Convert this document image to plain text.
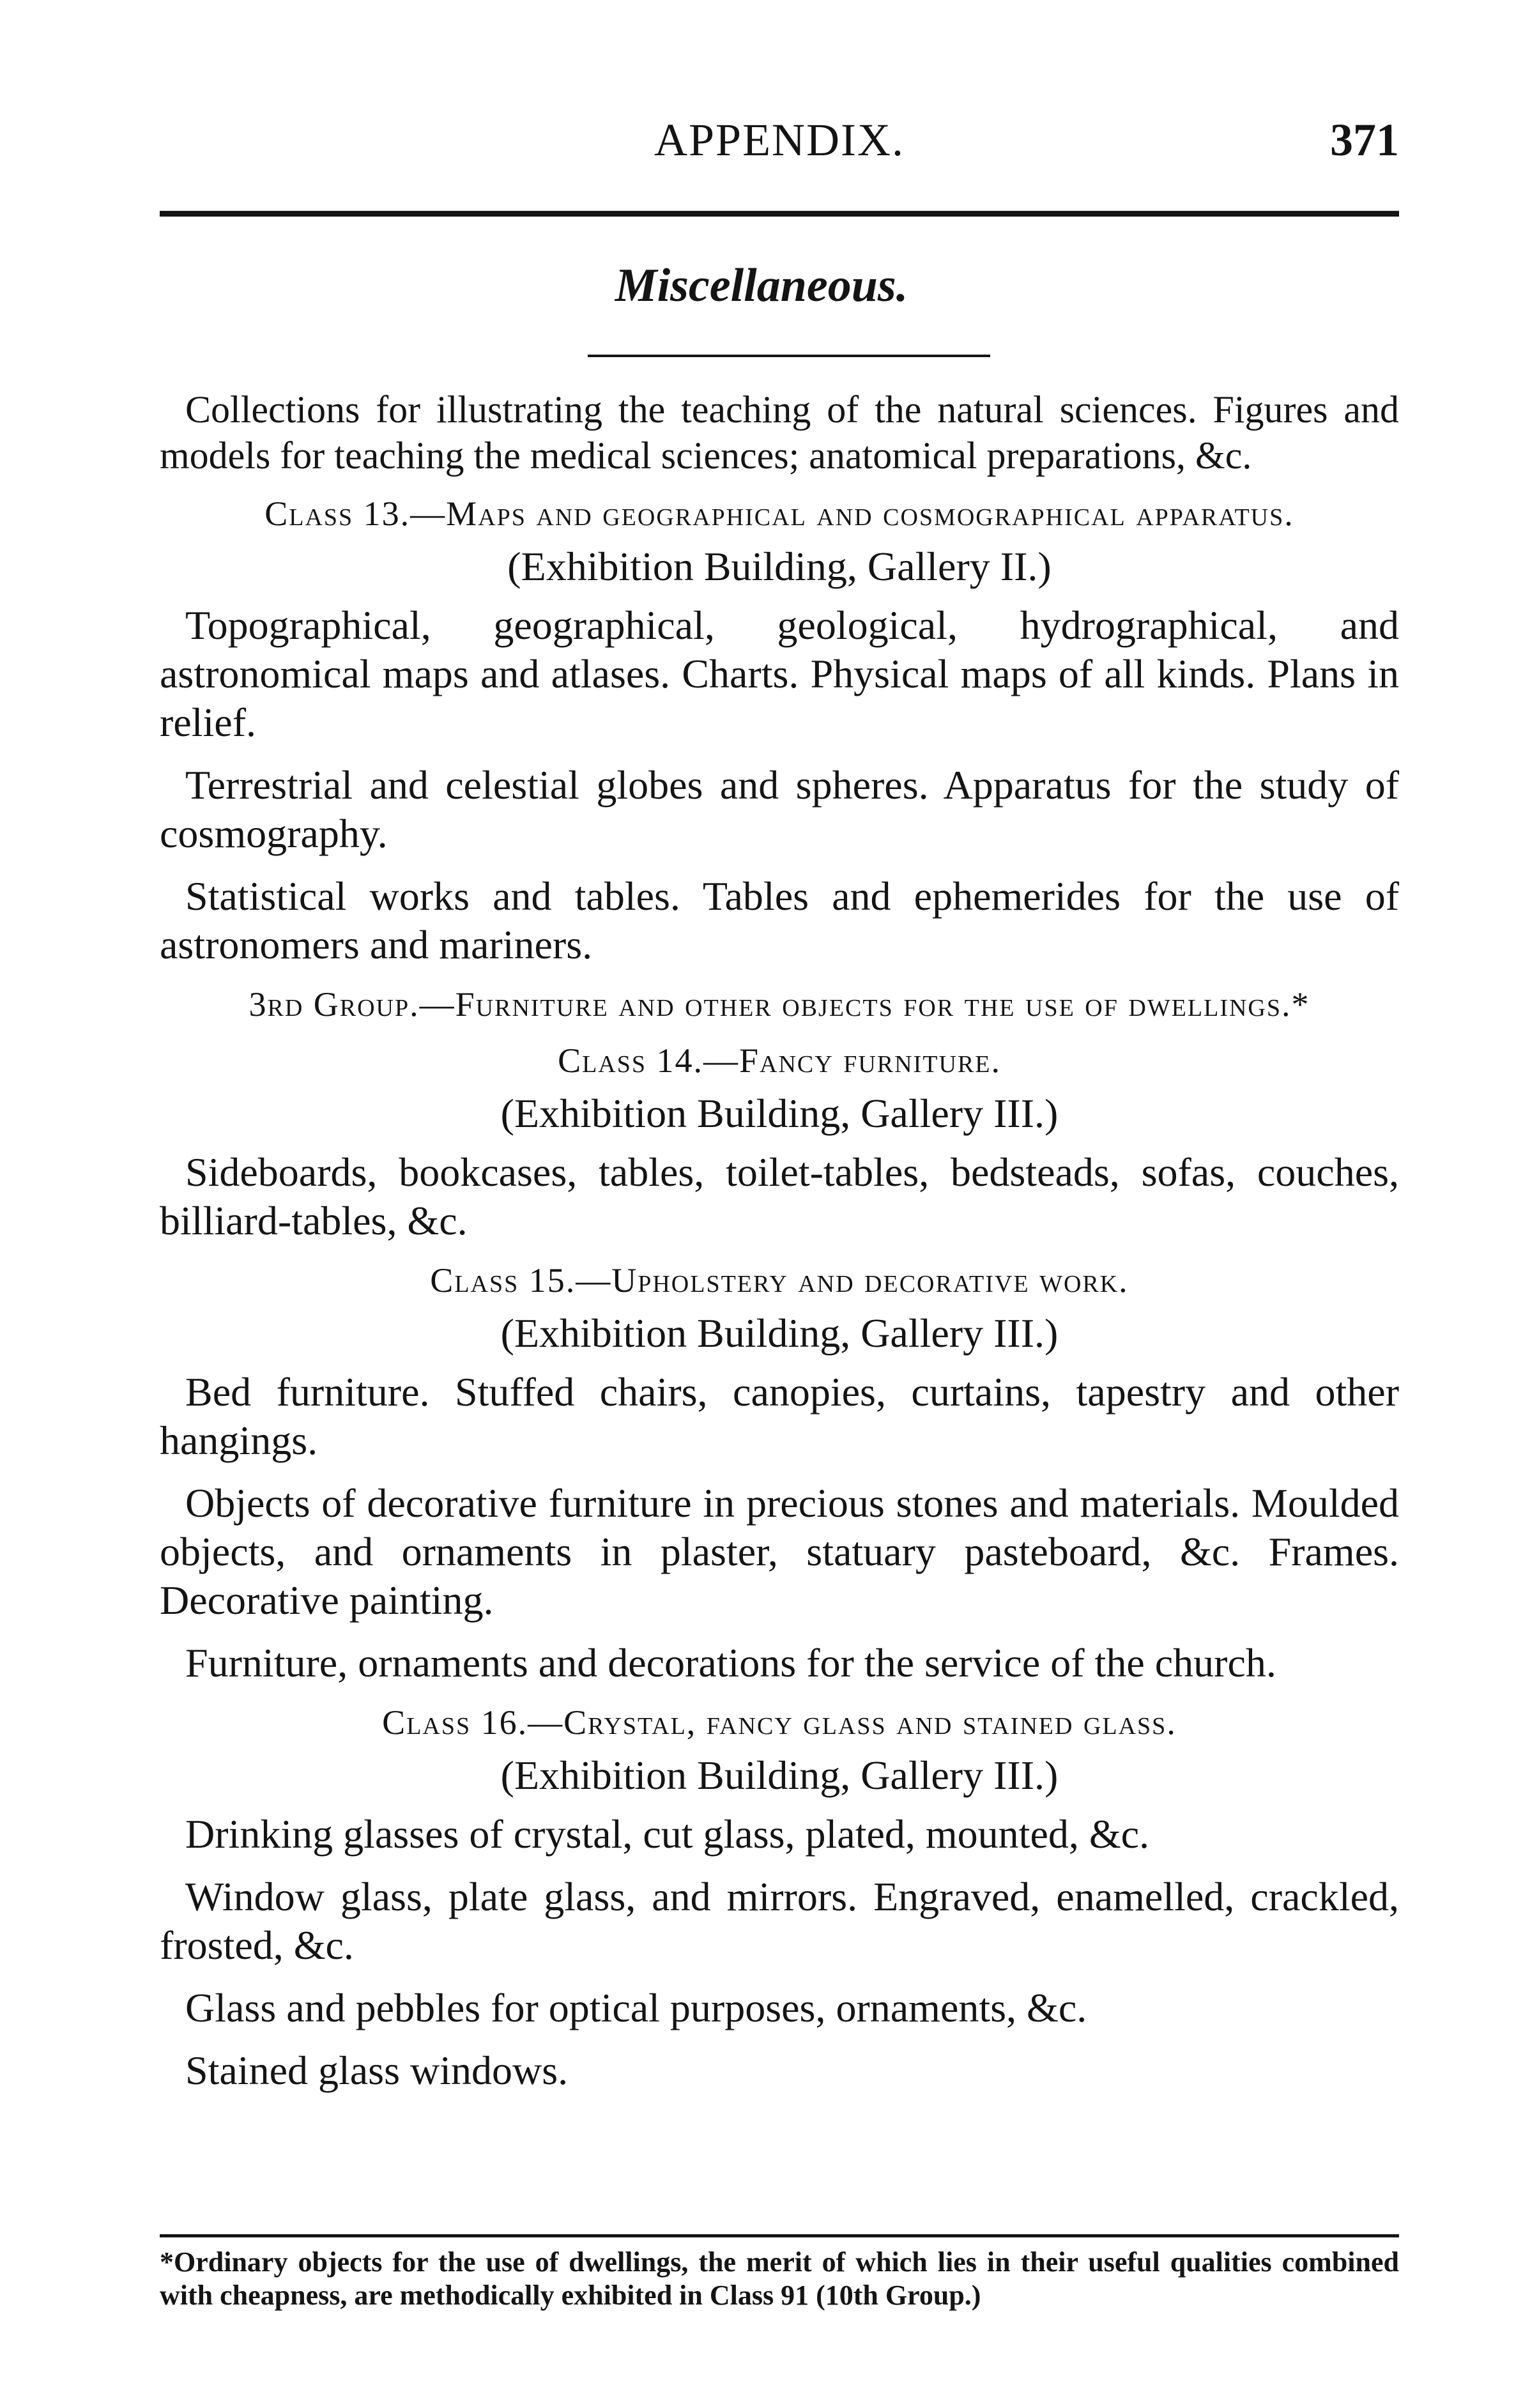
APPENDIX.	371
Miscellaneous.

Collections for illustrating the teaching of the natural sciences. Figures and models for teaching the medical sciences; anatomical preparations, &c.

Class 13.—Maps and geographical and cosmographical apparatus.
(Exhibition Building, Gallery II.)

Topographical, geographical, geological, hydrographical, and astronomical maps and atlases. Charts. Physical maps of all kinds. Plans in relief.

Terrestrial and celestial globes and spheres. Apparatus for the study of cosmography.

Statistical works and tables. Tables and ephemerides for the use of astronomers and mariners.

3rd Group.—Furniture and other objects for the use of dwellings.*
Class 14.—Fancy furniture.
(Exhibition Building, Gallery III.)

Sideboards, bookcases, tables, toilet-tables, bedsteads, sofas, couches, billiard-tables, &c.

Class 15.—Upholstery and decorative work.
(Exhibition Building, Gallery III.)

Bed furniture. Stuffed chairs, canopies, curtains, tapestry and other hangings.

Objects of decorative furniture in precious stones and materials. Moulded objects, and ornaments in plaster, statuary pasteboard, &c. Frames. Decorative painting.

Furniture, ornaments and decorations for the service of the church.

Class 16.—Crystal, fancy glass and stained glass.
(Exhibition Building, Gallery III.)

Drinking glasses of crystal, cut glass, plated, mounted, &c.

Window glass, plate glass, and mirrors. Engraved, enamelled, crackled, frosted, &c.

Glass and pebbles for optical purposes, ornaments, &c.

Stained glass windows.

*Ordinary objects for the use of dwellings, the merit of which lies in their useful qualities combined with cheapness, are methodically exhibited in Class 91 (10th Group.)
